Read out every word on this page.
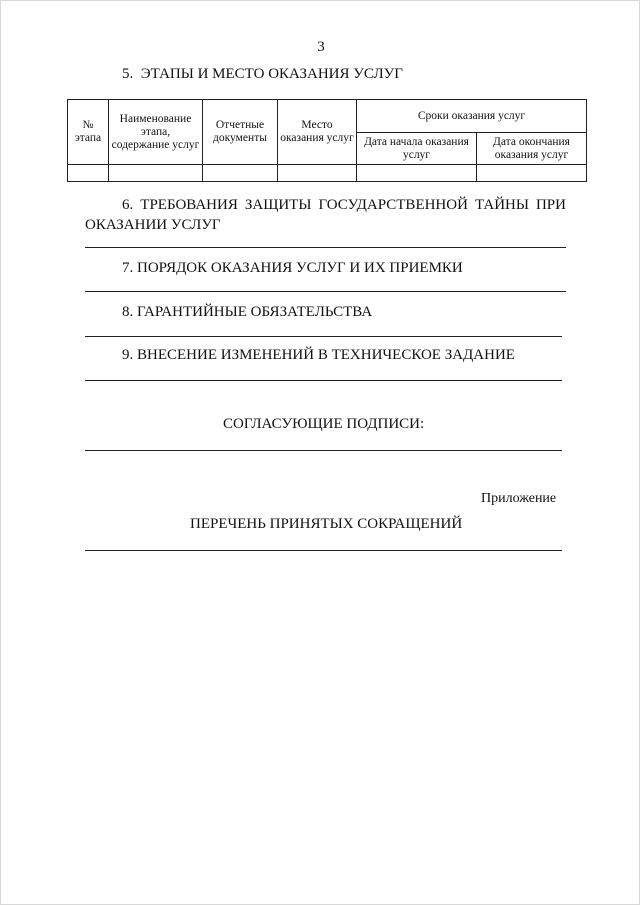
3
5.  ЭТАПЫ И МЕСТО ОКАЗАНИЯ УСЛУГ
№ этапа	Наименование этапа, содержание услуг	Отчетные документы	Место оказания услуг	Сроки оказания услуг	
				Дата начала оказания услуг	Дата окончания оказания услуг

6. ТРЕБОВАНИЯ ЗАЩИТЫ ГОСУДАРСТВЕННОЙ ТАЙНЫ ПРИ
ОКАЗАНИИ УСЛУГ
7. ПОРЯДОК ОКАЗАНИЯ УСЛУГ И ИХ ПРИЕМКИ
8. ГАРАНТИЙНЫЕ ОБЯЗАТЕЛЬСТВА
9. ВНЕСЕНИЕ ИЗМЕНЕНИЙ В ТЕХНИЧЕСКОЕ ЗАДАНИЕ
СОГЛАСУЮЩИЕ ПОДПИСИ:
Приложение
ПЕРЕЧЕНЬ ПРИНЯТЫХ СОКРАЩЕНИЙ
